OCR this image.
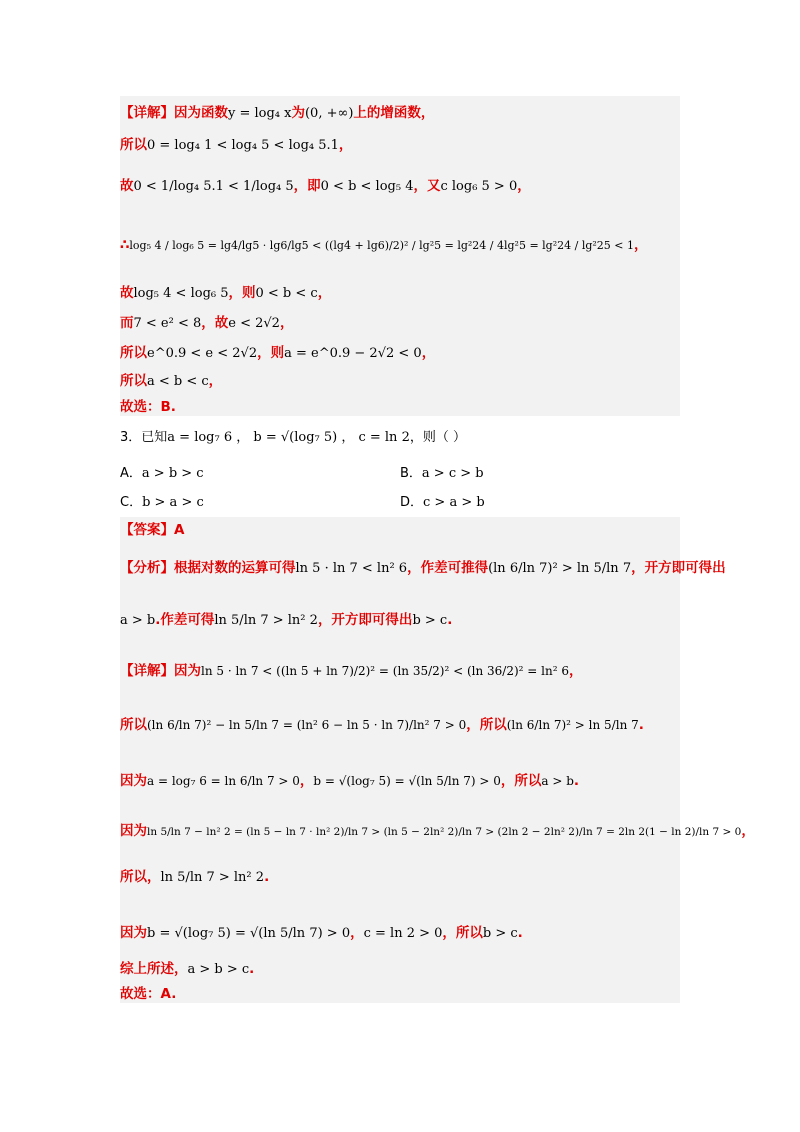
【详解】因为函数y = log₄ x为(0, +∞)上的增函数，
所以0 = log₄ 1 < log₄ 5 < log₄ 5.1，
故0 < 1/log₄ 5.1 < 1/log₄ 5，即0 < b < log₅ 4，又c log₆ 5 > 0，
∴log₅ 4 / log₆ 5 = lg4/lg5 · lg6/lg5 < ((lg4 + lg6)/2)² / lg²5 = lg²24 / 4lg²5 = lg²24 / lg²25 < 1，
故log₅ 4 < log₆ 5，则0 < b < c，
而7 < e² < 8，故e < 2√2，
所以e^0.9 < e < 2√2，则a = e^0.9 − 2√2 < 0，
所以a < b < c，
故选：B.
3．已知a = log₇ 6 ， b = √(log₇ 5) ， c = ln 2，则（ ）
A．a > b > c	B．a > c > b
C．b > a > c	D．c > a > b
【答案】A
【分析】根据对数的运算可得ln 5 · ln 7 < ln² 6，作差可推得(ln 6/ln 7)² > ln 5/ln 7，开方即可得出
a > b.作差可得ln 5/ln 7 > ln² 2，开方即可得出b > c.
【详解】因为ln 5 · ln 7 < ((ln 5 + ln 7)/2)² = (ln 35/2)² < (ln 36/2)² = ln² 6，
所以(ln 6/ln 7)² − ln 5/ln 7 = (ln² 6 − ln 5 · ln 7)/ln² 7 > 0，所以(ln 6/ln 7)² > ln 5/ln 7.
因为a = log₇ 6 = ln 6/ln 7 > 0，b = √(log₇ 5) = √(ln 5/ln 7) > 0，所以a > b.
因为ln 5/ln 7 − ln² 2 = (ln 5 − ln 7 · ln² 2)/ln 7 > (ln 5 − 2ln² 2)/ln 7 > (2ln 2 − 2ln² 2)/ln 7 = 2ln 2(1 − ln 2)/ln 7 > 0，
所以，ln 5/ln 7 > ln² 2.
因为b = √(log₇ 5) = √(ln 5/ln 7) > 0，c = ln 2 > 0，所以b > c.
综上所述，a > b > c.
故选：A.
